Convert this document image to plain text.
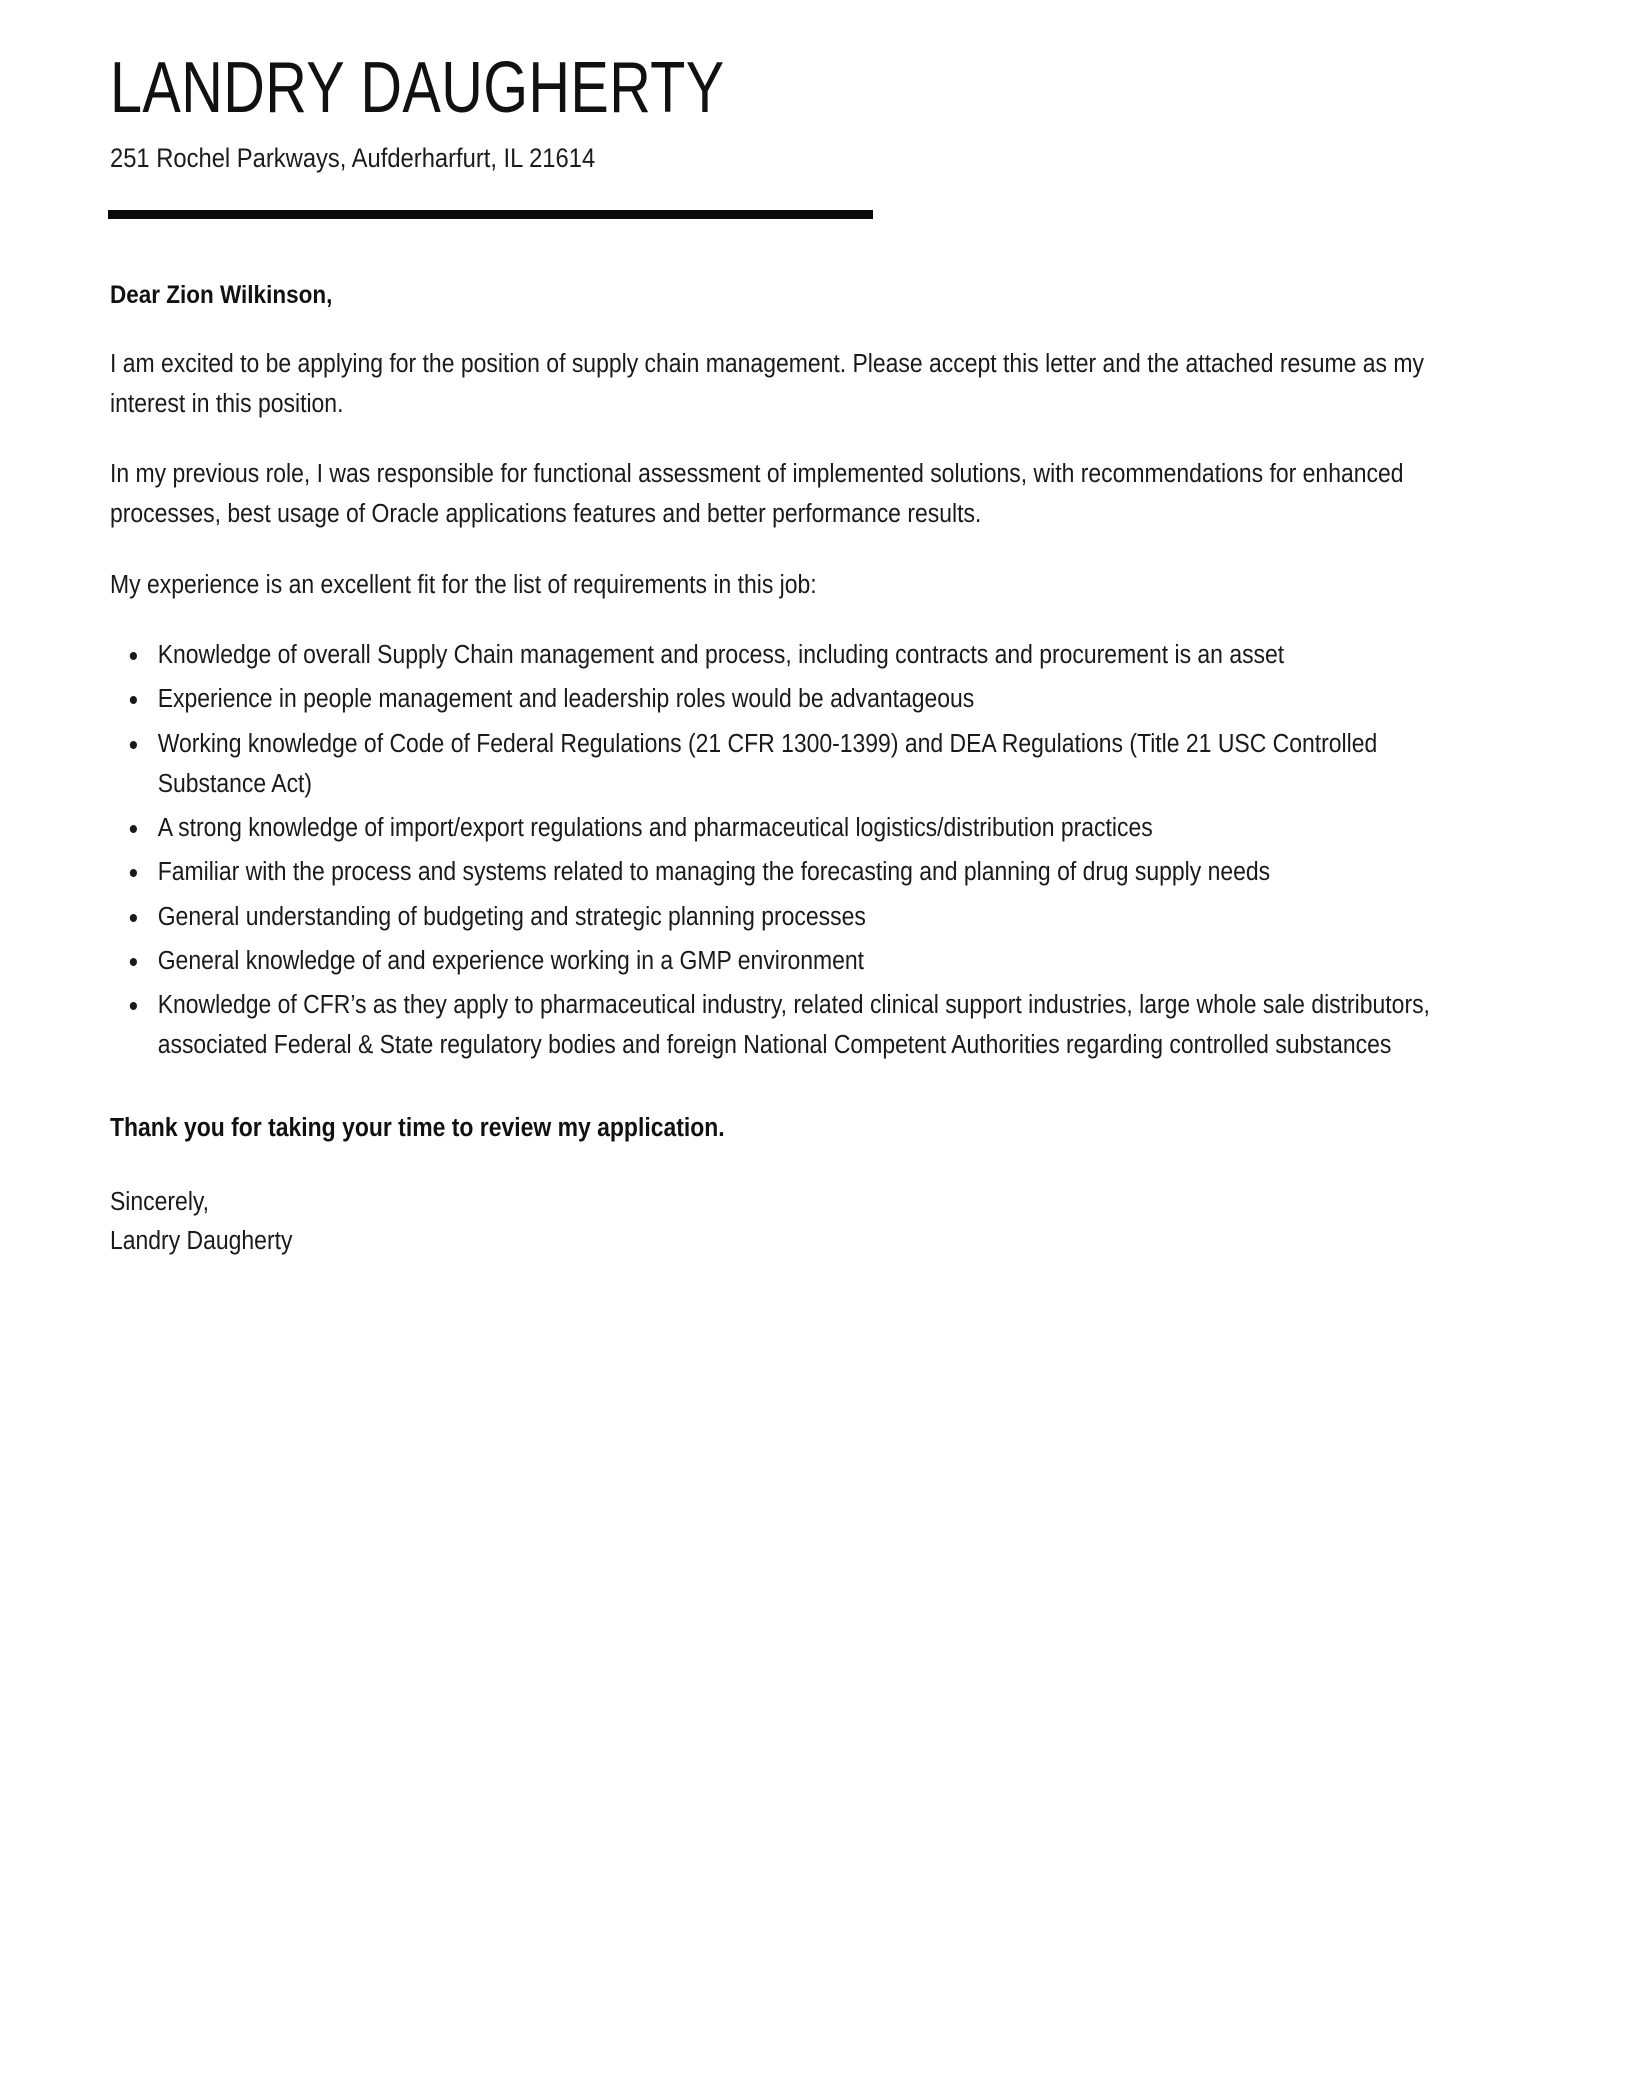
LANDRY DAUGHERTY
251 Rochel Parkways, Aufderharfurt, IL 21614

Dear Zion Wilkinson,

I am excited to be applying for the position of supply chain management. Please accept this letter and the attached resume as my interest in this position.

In my previous role, I was responsible for functional assessment of implemented solutions, with recommendations for enhanced processes, best usage of Oracle applications features and better performance results.

My experience is an excellent fit for the list of requirements in this job:

Knowledge of overall Supply Chain management and process, including contracts and procurement is an asset
Experience in people management and leadership roles would be advantageous
Working knowledge of Code of Federal Regulations (21 CFR 1300-1399) and DEA Regulations (Title 21 USC Controlled Substance Act)
A strong knowledge of import/export regulations and pharmaceutical logistics/distribution practices
Familiar with the process and systems related to managing the forecasting and planning of drug supply needs
General understanding of budgeting and strategic planning processes
General knowledge of and experience working in a GMP environment
Knowledge of CFR’s as they apply to pharmaceutical industry, related clinical support industries, large whole sale distributors, associated Federal & State regulatory bodies and foreign National Competent Authorities regarding controlled substances

Thank you for taking your time to review my application.

Sincerely,
Landry Daugherty
